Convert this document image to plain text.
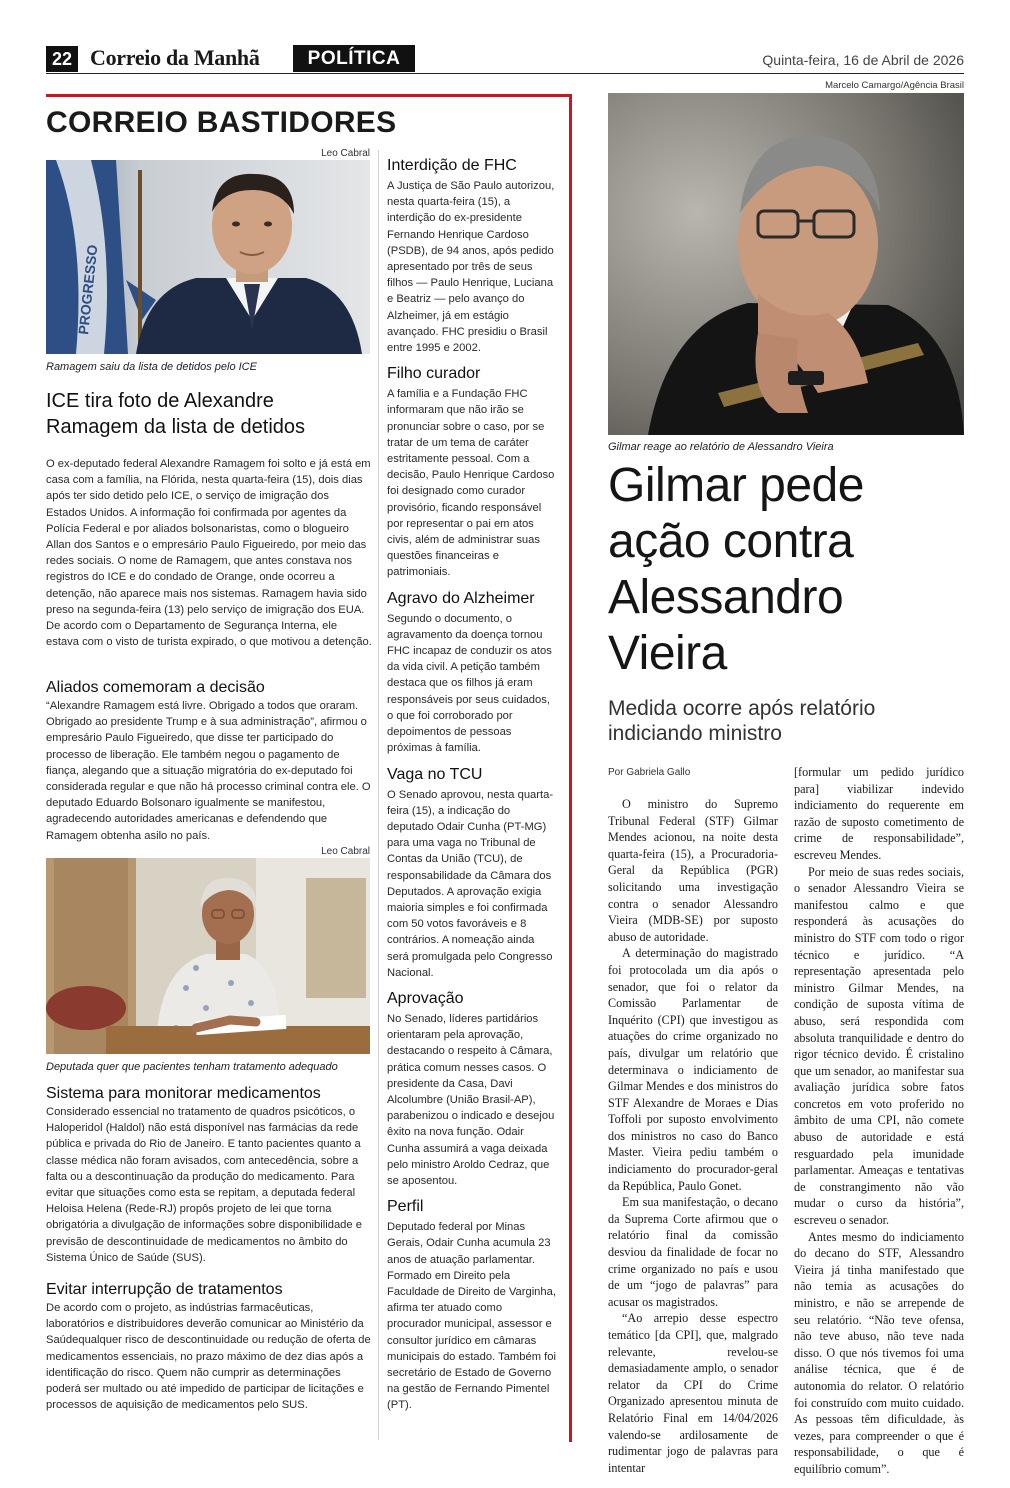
22 Correio da Manhã	POLÍTICA	Quinta-feira, 16 de Abril de 2026
CORREIO BASTIDORES
Leo Cabral
PROGRESSO
Ramagem saiu da lista de detidos pelo ICE
ICE tira foto de Alexandre Ramagem da lista de detidos
O ex-deputado federal Alexandre Ramagem foi solto e já está em casa com a família, na Flórida, nesta quarta-feira (15), dois dias após ter sido detido pelo ICE, o serviço de imigração dos Estados Unidos. A informação foi confirmada por agentes da Polícia Federal e por aliados bolsonaristas, como o blogueiro Allan dos Santos e o empresário Paulo Figueiredo, por meio das redes sociais. O nome de Ramagem, que antes constava nos registros do ICE e do condado de Orange, onde ocorreu a detenção, não aparece mais nos sistemas. Ramagem havia sido preso na segunda-feira (13) pelo serviço de imigração dos EUA. De acordo com o Departamento de Segurança Interna, ele estava com o visto de turista expirado, o que motivou a detenção.
Aliados comemoram a decisão
“Alexandre Ramagem está livre. Obrigado a todos que oraram. Obrigado ao presidente Trump e à sua administração”, afirmou o empresário Paulo Figueiredo, que disse ter participado do processo de liberação. Ele também negou o pagamento de fiança, alegando que a situação migratória do ex-deputado foi considerada regular e que não há processo criminal contra ele. O deputado Eduardo Bolsonaro igualmente se manifestou, agradecendo autoridades americanas e defendendo que Ramagem obtenha asilo no país.
Leo Cabral
Deputada quer que pacientes tenham tratamento adequado
Sistema para monitorar medicamentos
Considerado essencial no tratamento de quadros psicóticos, o Haloperidol (Haldol) não está disponível nas farmácias da rede pública e privada do Rio de Janeiro. E tanto pacientes quanto a classe médica não foram avisados, com antecedência, sobre a falta ou a descontinuação da produção do medicamento. Para evitar que situações como esta se repitam, a deputada federal Heloisa Helena (Rede-RJ) propôs projeto de lei que torna obrigatória a divulgação de informações sobre disponibilidade e previsão de descontinuidade de medicamentos no âmbito do Sistema Único de Saúde (SUS).
Evitar interrupção de tratamentos
De acordo com o projeto, as indústrias farmacêuticas, laboratórios e distribuidores deverão comunicar ao Ministério da Saúdequalquer risco de descontinuidade ou redução de oferta de medicamentos essenciais, no prazo máximo de dez dias após a identificação do risco. Quem não cumprir as determinações poderá ser multado ou até impedido de participar de licitações e processos de aquisição de medicamentos pelo SUS.
Interdição de FHC
A Justiça de São Paulo autorizou, nesta quarta-feira (15), a interdição do ex-presidente Fernando Henrique Cardoso (PSDB), de 94 anos, após pedido apresentado por três de seus filhos — Paulo Henrique, Luciana e Beatriz — pelo avanço do Alzheimer, já em estágio avançado. FHC presidiu o Brasil entre 1995 e 2002.
Filho curador
A família e a Fundação FHC informaram que não irão se pronunciar sobre o caso, por se tratar de um tema de caráter estritamente pessoal. Com a decisão, Paulo Henrique Cardoso foi designado como curador provisório, ficando responsável por representar o pai em atos civis, além de administrar suas questões financeiras e patrimoniais.
Agravo do Alzheimer
Segundo o documento, o agravamento da doença tornou FHC incapaz de conduzir os atos da vida civil. A petição também destaca que os filhos já eram responsáveis por seus cuidados, o que foi corroborado por depoimentos de pessoas próximas à família.
Vaga no TCU
O Senado aprovou, nesta quarta-feira (15), a indicação do deputado Odair Cunha (PT-MG) para uma vaga no Tribunal de Contas da União (TCU), de responsabilidade da Câmara dos Deputados. A aprovação exigia maioria simples e foi confirmada com 50 votos favoráveis e 8 contrários. A nomeação ainda será promulgada pelo Congresso Nacional.
Aprovação
No Senado, líderes partidários orientaram pela aprovação, destacando o respeito à Câmara, prática comum nesses casos. O presidente da Casa, Davi Alcolumbre (União Brasil-AP), parabenizou o indicado e desejou êxito na nova função. Odair Cunha assumirá a vaga deixada pelo ministro Aroldo Cedraz, que se aposentou.
Perfil
Deputado federal por Minas Gerais, Odair Cunha acumula 23 anos de atuação parlamentar. Formado em Direito pela Faculdade de Direito de Varginha, afirma ter atuado como procurador municipal, assessor e consultor jurídico em câmaras municipais do estado. Também foi secretário de Estado de Governo na gestão de Fernando Pimentel (PT).
Marcelo Camargo/Agência Brasil
Gilmar reage ao relatório de Alessandro Vieira
Gilmar pede ação contra Alessandro Vieira
Medida ocorre após relatório indiciando ministro
Por Gabriela Gallo

O ministro do Supremo Tribunal Federal (STF) Gilmar Mendes acionou, na noite desta quarta-feira (15), a Procuradoria-Geral da República (PGR) solicitando uma investigação contra o senador Alessandro Vieira (MDB-SE) por suposto abuso de autoridade.

A determinação do magistrado foi protocolada um dia após o senador, que foi o relator da Comissão Parlamentar de Inquérito (CPI) que investigou as atuações do crime organizado no país, divulgar um relatório que determinava o indiciamento de Gilmar Mendes e dos ministros do STF Alexandre de Moraes e Dias Toffoli por suposto envolvimento dos ministros no caso do Banco Master. Vieira pediu também o indiciamento do procurador-geral da República, Paulo Gonet.

Em sua manifestação, o decano da Suprema Corte afirmou que o relatório final da comissão desviou da finalidade de focar no crime organizado no país e usou de um “jogo de palavras” para acusar os magistrados.

“Ao arrepio desse espectro temático [da CPI], que, malgrado relevante, revelou-se demasiadamente amplo, o senador relator da CPI do Crime Organizado apresentou minuta de Relatório Final em 14/04/2026 valendo-se ardilosamente de rudimentar jogo de palavras para intentar

[formular um pedido jurídico para] viabilizar indevido indiciamento do requerente em razão de suposto cometimento de crime de responsabilidade”, escreveu Mendes.

Por meio de suas redes sociais, o senador Alessandro Vieira se manifestou calmo e que responderá às acusações do ministro do STF com todo o rigor técnico e jurídico. “A representação apresentada pelo ministro Gilmar Mendes, na condição de suposta vítima de abuso, será respondida com absoluta tranquilidade e dentro do rigor técnico devido. É cristalino que um senador, ao manifestar sua avaliação jurídica sobre fatos concretos em voto proferido no âmbito de uma CPI, não comete abuso de autoridade e está resguardado pela imunidade parlamentar. Ameaças e tentativas de constrangimento não vão mudar o curso da história”, escreveu o senador.

Antes mesmo do indiciamento do decano do STF, Alessandro Vieira já tinha manifestado que não temia as acusações do ministro, e não se arrepende de seu relatório. “Não teve ofensa, não teve abuso, não teve nada disso. O que nós tivemos foi uma análise técnica, que é de autonomia do relator. O relatório foi construído com muito cuidado. As pessoas têm dificuldade, às vezes, para compreender o que é responsabilidade, o que é equilíbrio comum”.
